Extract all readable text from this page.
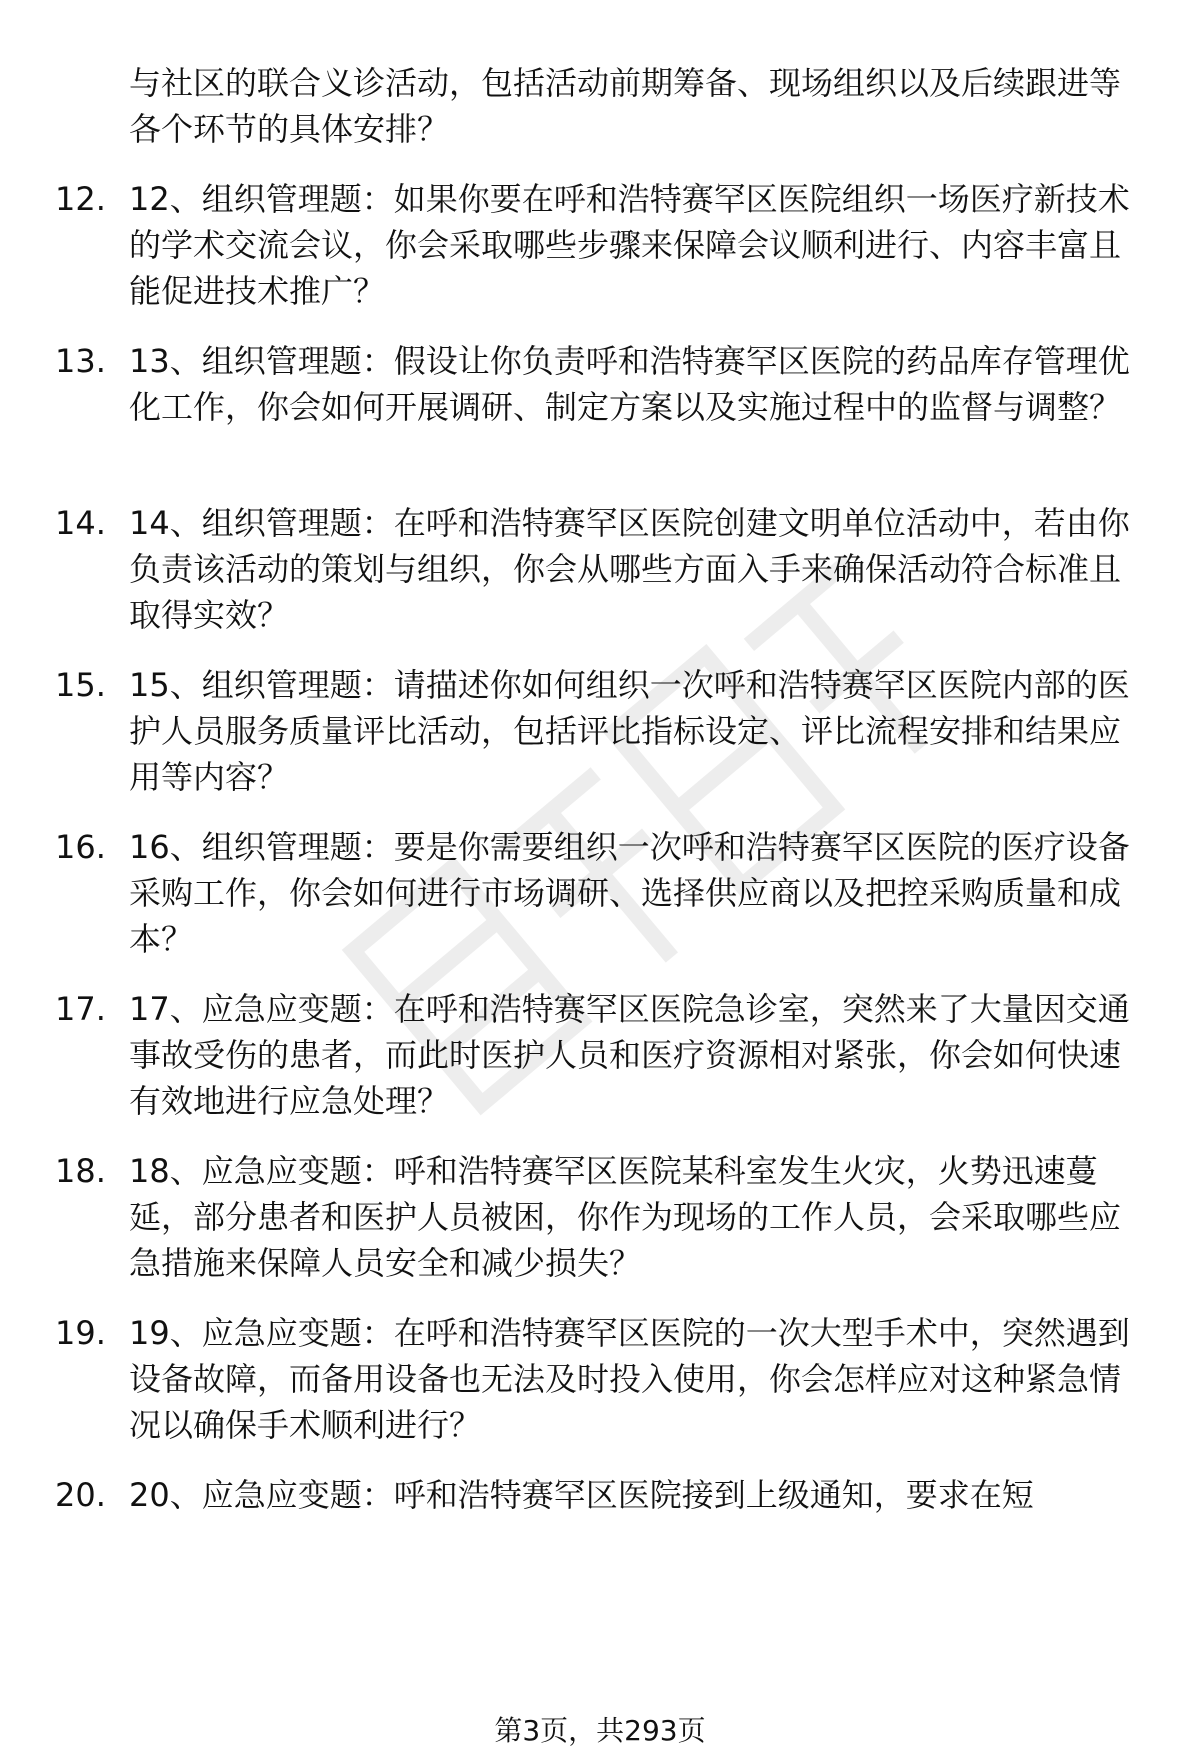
与社区的联合义诊活动，包括活动前期筹备、现场组织以及后续跟进等各个环节的具体安排？
12. 12、组织管理题：如果你要在呼和浩特赛罕区医院组织一场医疗新技术的学术交流会议，你会采取哪些步骤来保障会议顺利进行、内容丰富且能促进技术推广？
13. 13、组织管理题：假设让你负责呼和浩特赛罕区医院的药品库存管理优化工作，你会如何开展调研、制定方案以及实施过程中的监督与调整？
14. 14、组织管理题：在呼和浩特赛罕区医院创建文明单位活动中，若由你负责该活动的策划与组织，你会从哪些方面入手来确保活动符合标准且取得实效？
15. 15、组织管理题：请描述你如何组织一次呼和浩特赛罕区医院内部的医护人员服务质量评比活动，包括评比指标设定、评比流程安排和结果应用等内容？
16. 16、组织管理题：要是你需要组织一次呼和浩特赛罕区医院的医疗设备采购工作，你会如何进行市场调研、选择供应商以及把控采购质量和成本？
17. 17、应急应变题：在呼和浩特赛罕区医院急诊室，突然来了大量因交通事故受伤的患者，而此时医护人员和医疗资源相对紧张，你会如何快速有效地进行应急处理？
18. 18、应急应变题：呼和浩特赛罕区医院某科室发生火灾，火势迅速蔓延，部分患者和医护人员被困，你作为现场的工作人员，会采取哪些应急措施来保障人员安全和减少损失？
19. 19、应急应变题：在呼和浩特赛罕区医院的一次大型手术中，突然遇到设备故障，而备用设备也无法及时投入使用，你会怎样应对这种紧急情况以确保手术顺利进行？
20. 20、应急应变题：呼和浩特赛罕区医院接到上级通知，要求在短
第3页，共293页
